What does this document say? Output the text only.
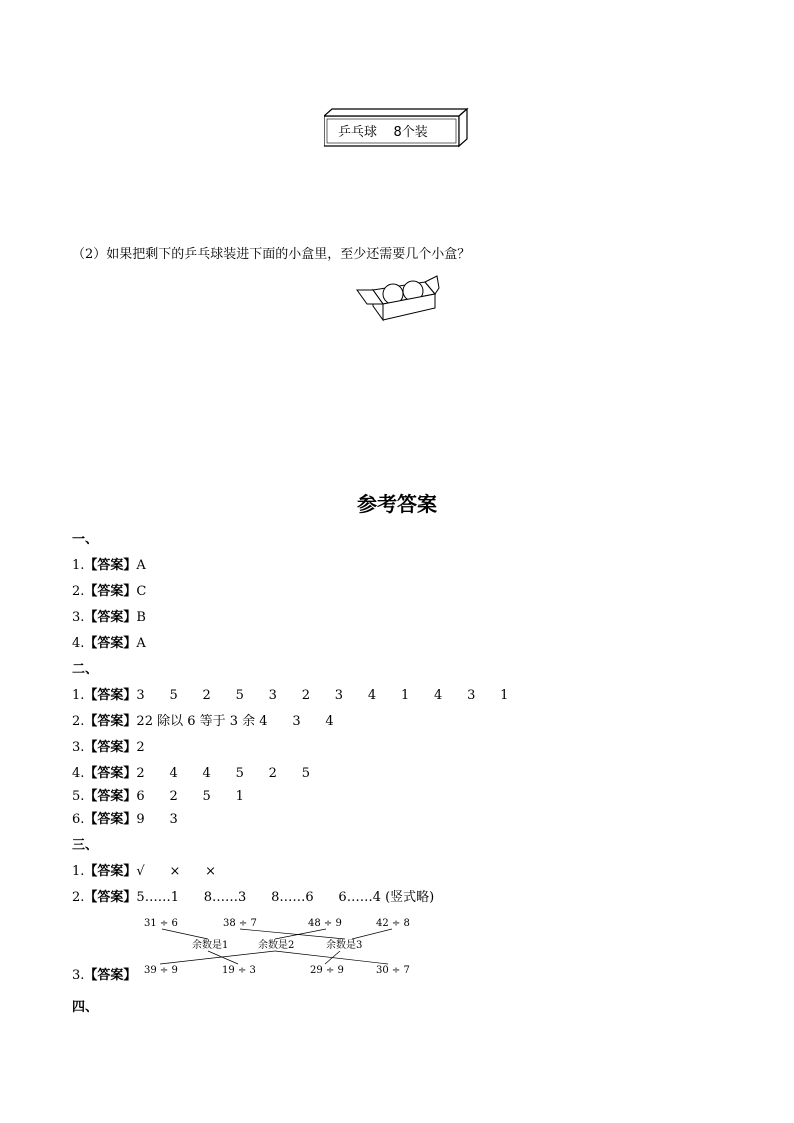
乒乓球    8个装
（2）如果把剩下的乒乓球装进下面的小盒里，至少还需要几个小盒？
参考答案
一、
1.【答案】A
2.【答案】C
3.【答案】B
4.【答案】A
二、
1.【答案】3      5      2      5      3      2      3      4      1      4      3      1
2.【答案】22 除以 6 等于 3 余 4      3      4
3.【答案】2
4.【答案】2      4      4      5      2      5
5.【答案】6      2      5      1
6.【答案】9      3
三、
1.【答案】√      ×      ×
2.【答案】5……1      8……3      8……6      6……4 (竖式略)
31 ÷ 6	38 ÷ 7	48 ÷ 9	42 ÷ 8
余数是1	余数是2	余数是3
39 ÷ 9	19 ÷ 3	29 ÷ 9	30 ÷ 7
3.【答案】
四、
